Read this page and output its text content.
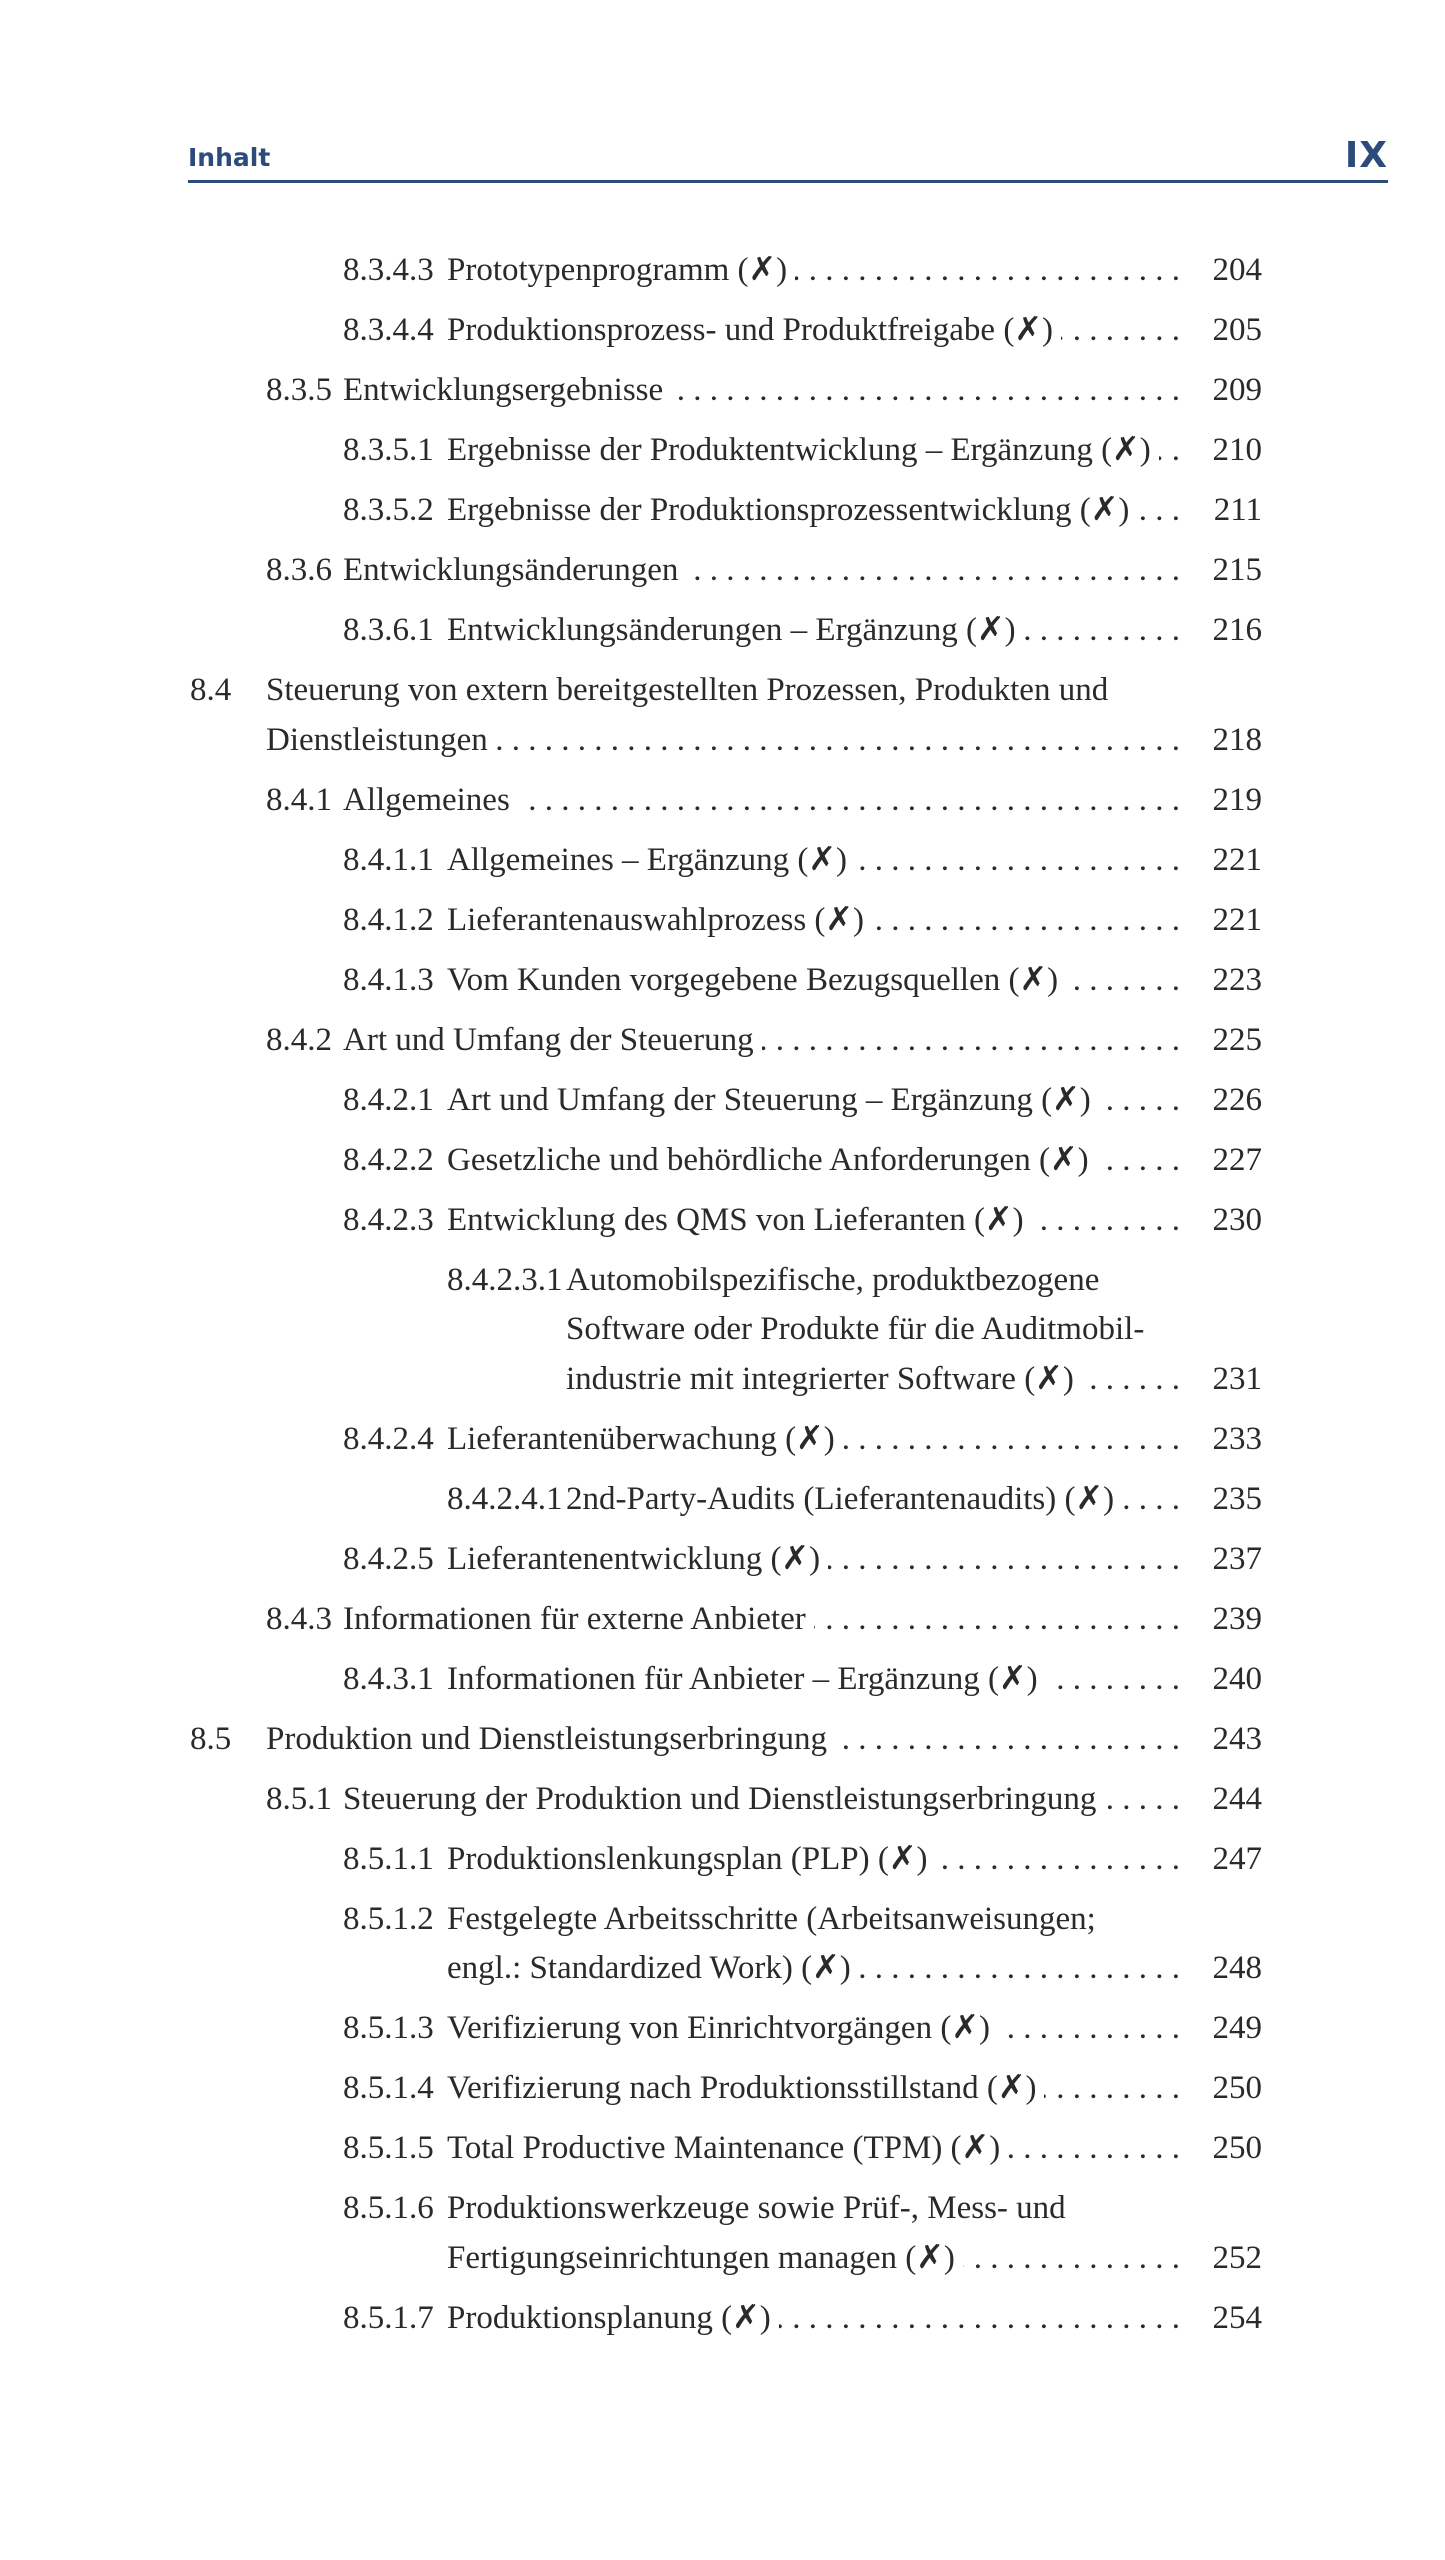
Inhalt	IX
8.3.4.3 Prototypenprogramm (✗) . . .	204
8.3.4.4 Produktionsprozess- und Produktfreigabe (✗) . . .	205
8.3.5 Entwicklungsergebnisse . . .	209
8.3.5.1 Ergebnisse der Produktentwicklung – Ergänzung (✗) . . .	210
8.3.5.2 Ergebnisse der Produktionsprozessentwicklung (✗) . . .	211
8.3.6 Entwicklungsänderungen . . .	215
8.3.6.1 Entwicklungsänderungen – Ergänzung (✗) . . .	216
8.4 Steuerung von extern bereitgestellten Prozessen, Produkten und
Dienstleistungen . . .	218
8.4.1 Allgemeines . . .	219
8.4.1.1 Allgemeines – Ergänzung (✗) . . .	221
8.4.1.2 Lieferantenauswahlprozess (✗) . . .	221
8.4.1.3 Vom Kunden vorgegebene Bezugsquellen (✗) . . .	223
8.4.2 Art und Umfang der Steuerung . . .	225
8.4.2.1 Art und Umfang der Steuerung – Ergänzung (✗) . . .	226
8.4.2.2 Gesetzliche und behördliche Anforderungen (✗) . . .	227
8.4.2.3 Entwicklung des QMS von Lieferanten (✗) . . .	230
8.4.2.3.1 Automobilspezifische, produktbezogene
Software oder Produkte für die Auditmobil-
industrie mit integrierter Software (✗) . . .	231
8.4.2.4 Lieferantenüberwachung (✗) . . .	233
8.4.2.4.1 2nd-Party-Audits (Lieferantenaudits) (✗) . . .	235
8.4.2.5 Lieferantenentwicklung (✗) . . .	237
8.4.3 Informationen für externe Anbieter . . .	239
8.4.3.1 Informationen für Anbieter – Ergänzung (✗) . . .	240
8.5 Produktion und Dienstleistungserbringung . . .	243
8.5.1 Steuerung der Produktion und Dienstleistungserbringung . . .	244
8.5.1.1 Produktionslenkungsplan (PLP) (✗) . . .	247
8.5.1.2 Festgelegte Arbeitsschritte (Arbeitsanweisungen;
engl.: Standardized Work) (✗) . . .	248
8.5.1.3 Verifizierung von Einrichtvorgängen (✗) . . .	249
8.5.1.4 Verifizierung nach Produktionsstillstand (✗) . . .	250
8.5.1.5 Total Productive Maintenance (TPM) (✗) . . .	250
8.5.1.6 Produktionswerkzeuge sowie Prüf-, Mess- und
Fertigungseinrichtungen managen (✗) . . .	252
8.5.1.7 Produktionsplanung (✗) . . .	254
